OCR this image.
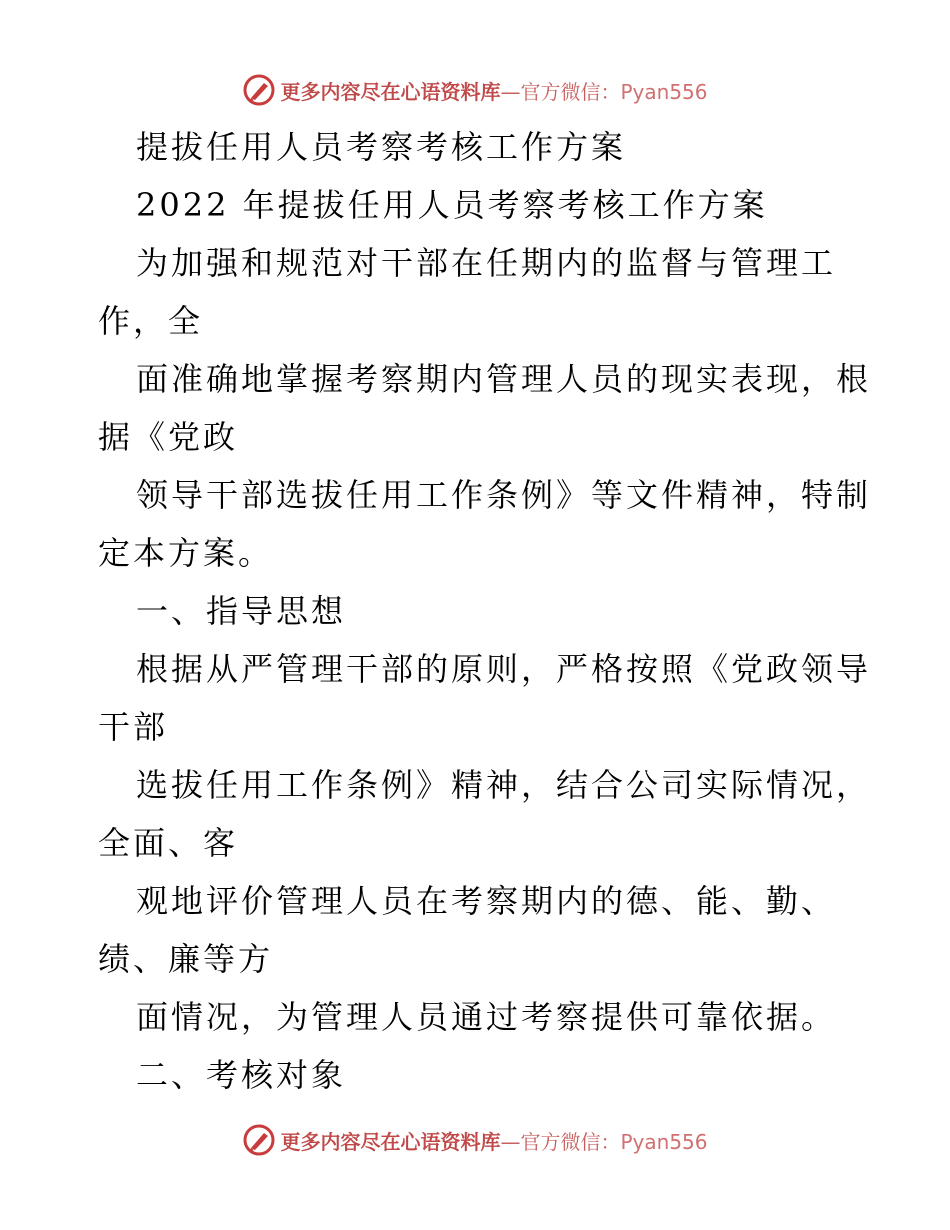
更多内容尽在心语资料库—官方微信：Pyan556
提拔任用人员考察考核工作方案
2022 年提拔任用人员考察考核工作方案
为加强和规范对干部在任期内的监督与管理工
作，全
面准确地掌握考察期内管理人员的现实表现，根
据《党政
领导干部选拔任用工作条例》等文件精神，特制
定本方案。
一、指导思想
根据从严管理干部的原则，严格按照《党政领导
干部
选拔任用工作条例》精神，结合公司实际情况，
全面、客
观地评价管理人员在考察期内的德、能、勤、
绩、廉等方
面情况，为管理人员通过考察提供可靠依据。
二、考核对象
更多内容尽在心语资料库—官方微信：Pyan556
